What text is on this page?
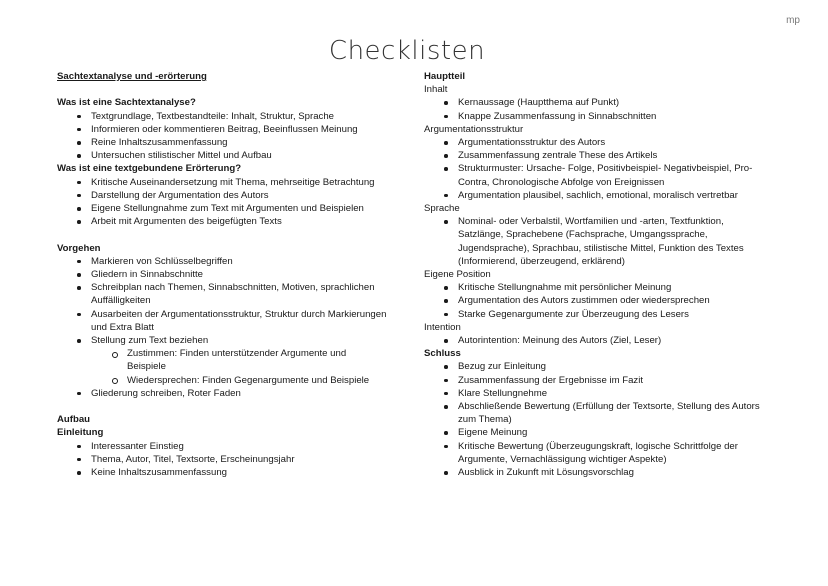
mp
Checklisten
Sachtextanalyse und -erörterung
Was ist eine Sachtextanalyse?
Textgrundlage, Textbestandteile: Inhalt, Struktur, Sprache
Informieren oder kommentieren Beitrag, Beeinflussen Meinung
Reine Inhaltszusammenfassung
Untersuchen stilistischer Mittel und Aufbau
Was ist eine textgebundene Erörterung?
Kritische Auseinandersetzung mit Thema, mehrseitige Betrachtung
Darstellung der Argumentation des Autors
Eigene Stellungnahme zum Text mit Argumenten und Beispielen
Arbeit mit Argumenten des beigefügten Texts
Vorgehen
Markieren von Schlüsselbegriffen
Gliedern in Sinnabschnitte
Schreibplan nach Themen, Sinnabschnitten, Motiven, sprachlichen Auffälligkeiten
Ausarbeiten der Argumentationsstruktur, Struktur durch Markierungen und Extra Blatt
Stellung zum Text beziehen
Zustimmen: Finden unterstützender Argumente und Beispiele
Wiedersprechen: Finden Gegenargumente und Beispiele
Gliederung schreiben, Roter Faden
Aufbau
Einleitung
Interessanter Einstieg
Thema, Autor, Titel, Textsorte, Erscheinungsjahr
Keine Inhaltszusammenfassung
Hauptteil
Inhalt
Kernaussage (Hauptthema auf Punkt)
Knappe Zusammenfassung in Sinnabschnitten
Argumentationsstruktur
Argumentationsstruktur des Autors
Zusammenfassung zentrale These des Artikels
Strukturmuster: Ursache- Folge, Positivbeispiel- Negativbeispiel, Pro-Contra, Chronologische Abfolge von Ereignissen
Argumentation plausibel, sachlich, emotional, moralisch vertretbar
Sprache
Nominal- oder Verbalstil, Wortfamilien und -arten, Textfunktion, Satzlänge, Sprachebene (Fachsprache, Umgangssprache, Jugendsprache), Sprachbau, stilistische Mittel, Funktion des Textes (Informierend, überzeugend, erklärend)
Eigene Position
Kritische Stellungnahme mit persönlicher Meinung
Argumentation des Autors zustimmen oder wiedersprechen
Starke Gegenargumente zur Überzeugung des Lesers
Intention
Autorintention: Meinung des Autors (Ziel, Leser)
Schluss
Bezug zur Einleitung
Zusammenfassung der Ergebnisse im Fazit
Klare Stellungnehme
Abschließende Bewertung (Erfüllung der Textsorte, Stellung des Autors zum Thema)
Eigene Meinung
Kritische Bewertung (Überzeugungskraft, logische Schrittfolge der Argumente, Vernachlässigung wichtiger Aspekte)
Ausblick in Zukunft mit Lösungsvorschlag
